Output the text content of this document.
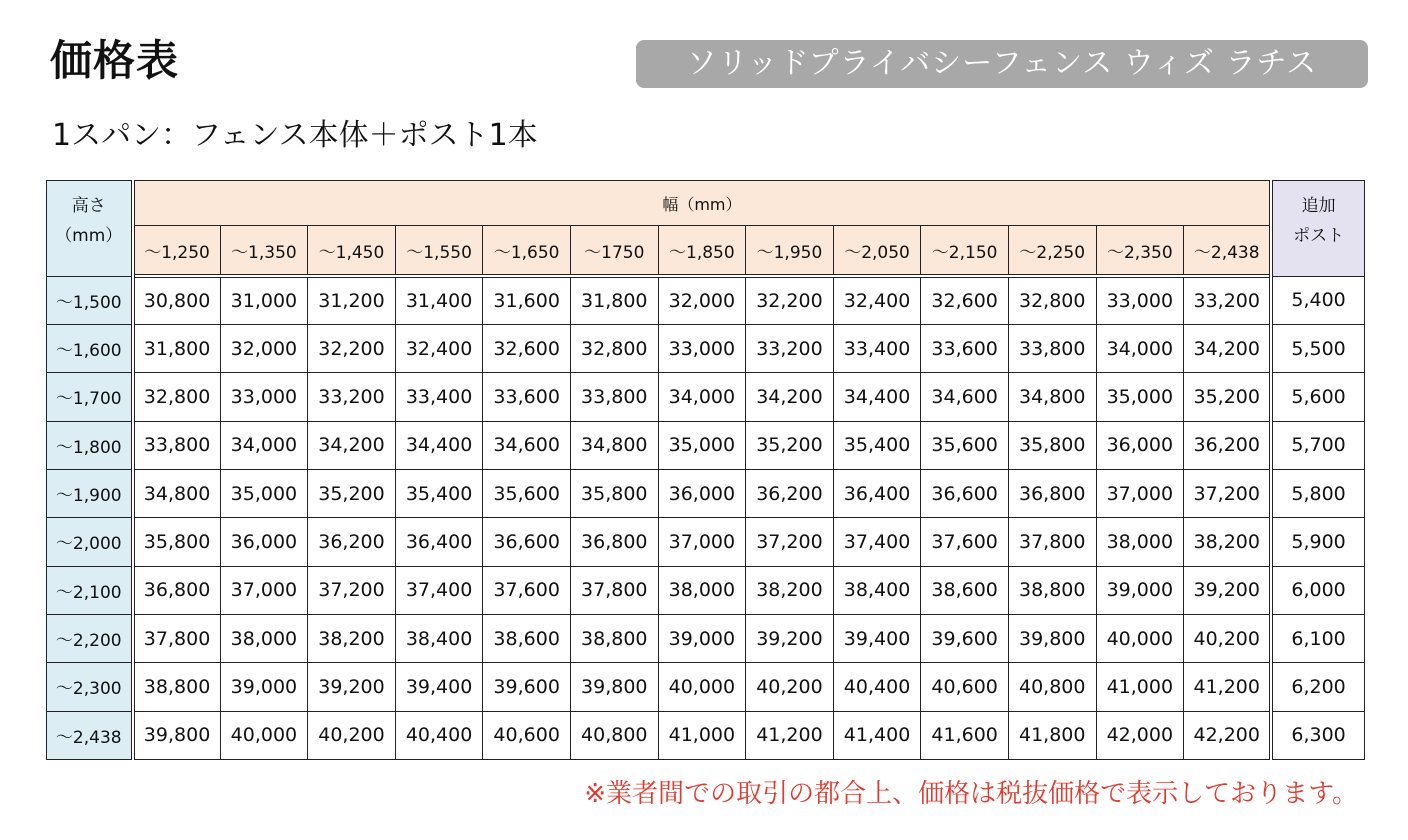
価格表	ソリッドプライバシーフェンス ウィズ ラチス

1スパン：フェンス本体＋ポスト1本

高さ
（mm）	幅（mm）													追加
ポスト
	～1,250	～1,350	～1,450	～1,550	～1,650	～1750	～1,850	～1,950	～2,050	～2,150	～2,250	～2,350	～2,438	
～1,500	30,800	31,000	31,200	31,400	31,600	31,800	32,000	32,200	32,400	32,600	32,800	33,000	33,200	5,400
～1,600	31,800	32,000	32,200	32,400	32,600	32,800	33,000	33,200	33,400	33,600	33,800	34,000	34,200	5,500
～1,700	32,800	33,000	33,200	33,400	33,600	33,800	34,000	34,200	34,400	34,600	34,800	35,000	35,200	5,600
～1,800	33,800	34,000	34,200	34,400	34,600	34,800	35,000	35,200	35,400	35,600	35,800	36,000	36,200	5,700
～1,900	34,800	35,000	35,200	35,400	35,600	35,800	36,000	36,200	36,400	36,600	36,800	37,000	37,200	5,800
～2,000	35,800	36,000	36,200	36,400	36,600	36,800	37,000	37,200	37,400	37,600	37,800	38,000	38,200	5,900
～2,100	36,800	37,000	37,200	37,400	37,600	37,800	38,000	38,200	38,400	38,600	38,800	39,000	39,200	6,000
～2,200	37,800	38,000	38,200	38,400	38,600	38,800	39,000	39,200	39,400	39,600	39,800	40,000	40,200	6,100
～2,300	38,800	39,000	39,200	39,400	39,600	39,800	40,000	40,200	40,400	40,600	40,800	41,000	41,200	6,200
～2,438	39,800	40,000	40,200	40,400	40,600	40,800	41,000	41,200	41,400	41,600	41,800	42,000	42,200	6,300

※業者間での取引の都合上、価格は税抜価格で表示しております。
